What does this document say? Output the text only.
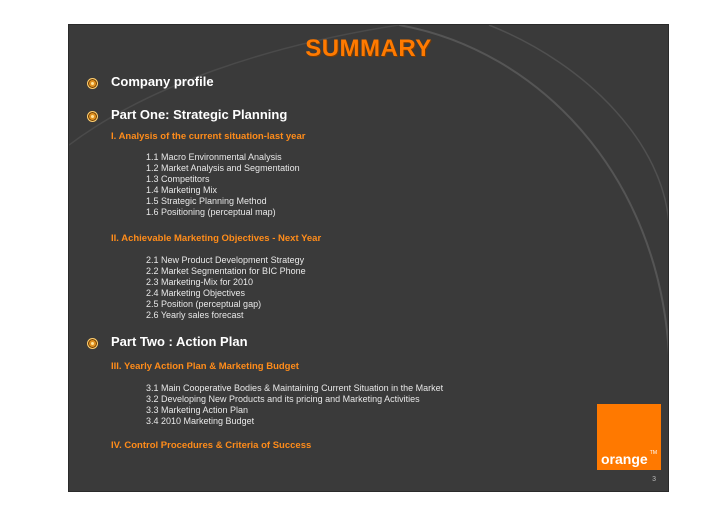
SUMMARY
Company profile
Part One: Strategic Planning
I. Analysis of the current situation-last year
1.1 Macro Environmental Analysis
1.2 Market Analysis and Segmentation
1.3 Competitors
1.4 Marketing Mix
1.5 Strategic Planning Method
1.6 Positioning (perceptual map)
II. Achievable Marketing Objectives - Next Year
2.1 New Product Development Strategy
2.2 Market Segmentation for BIC Phone
2.3 Marketing-Mix for 2010
2.4 Marketing Objectives
2.5 Position (perceptual gap)
2.6 Yearly sales forecast
Part Two : Action Plan
III. Yearly Action Plan & Marketing Budget
3.1 Main Cooperative Bodies & Maintaining Current Situation in the Market
3.2 Developing New Products and its pricing and Marketing Activities
3.3 Marketing Action Plan
3.4 2010 Marketing Budget
IV. Control Procedures & Criteria of Success
TM
orange
3
